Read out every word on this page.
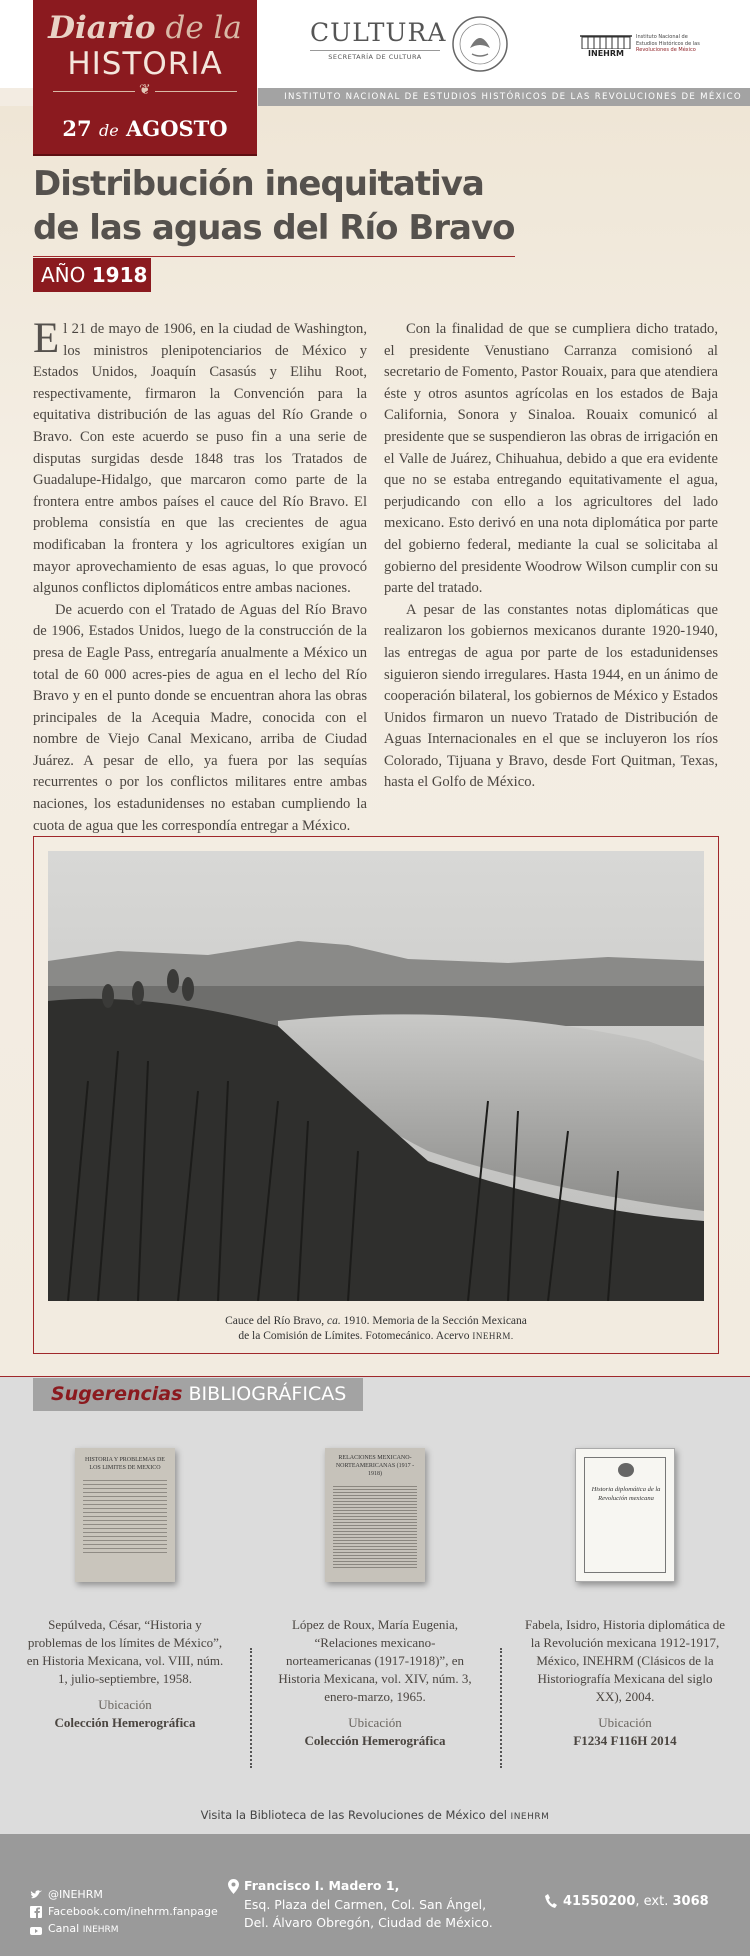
INSTITUTO NACIONAL DE ESTUDIOS HISTÓRICOS DE LAS REVOLUCIONES DE MÉXICO
Diario de la
HISTORIA
❦
27 de AGOSTO
CULTURA
SECRETARÍA DE CULTURA	INEHRM
Instituto Nacional de
Estudios Históricos de las
Revoluciones de México
Distribución inequitativa
de las aguas del Río Bravo
AÑO 1918

El 21 de mayo de 1906, en la ciudad de Washington, los ministros plenipotenciarios de México y Estados Unidos, Joaquín Casasús y Elihu Root, respectivamente, firmaron la Convención para la equitativa distribución de las aguas del Río Grande o Bravo. Con este acuerdo se puso fin a una serie de disputas surgidas desde 1848 tras los Tratados de Guadalupe-Hidalgo, que marcaron como parte de la frontera entre ambos países el cauce del Río Bravo. El problema consistía en que las crecientes de agua modificaban la frontera y los agricultores exigían un mayor aprovechamiento de esas aguas, lo que provocó algunos conflictos diplomáticos entre ambas naciones.

De acuerdo con el Tratado de Aguas del Río Bravo de 1906, Estados Unidos, luego de la construcción de la presa de Eagle Pass, entregaría anualmente a México un total de 60 000 acres-pies de agua en el lecho del Río Bravo y en el punto donde se encuentran ahora las obras principales de la Acequia Madre, conocida con el nombre de Viejo Canal Mexicano, arriba de Ciudad Juárez. A pesar de ello, ya fuera por las sequías recurrentes o por los conflictos militares entre ambas naciones, los estadunidenses no estaban cumpliendo la cuota de agua que les correspondía entregar a México.

Con la finalidad de que se cumpliera dicho tratado, el presidente Venustiano Carranza comisionó al secretario de Fomento, Pastor Rouaix, para que atendiera éste y otros asuntos agrícolas en los estados de Baja California, Sonora y Sinaloa. Rouaix comunicó al presidente que se suspendieron las obras de irrigación en el Valle de Juárez, Chihuahua, debido a que era evidente que no se estaba entregando equitativamente el agua, perjudicando con ello a los agricultores del lado mexicano. Esto derivó en una nota diplomática por parte del gobierno federal, mediante la cual se solicitaba al gobierno del presidente Woodrow Wilson cumplir con su parte del tratado.

A pesar de las constantes notas diplomáticas que realizaron los gobiernos mexicanos durante 1920-1940, las entregas de agua por parte de los estadunidenses siguieron siendo irregulares. Hasta 1944, en un ánimo de cooperación bilateral, los gobiernos de México y Estados Unidos firmaron un nuevo Tratado de Distribución de Aguas Internacionales en el que se incluyeron los ríos Colorado, Tijuana y Bravo, desde Fort Quitman, Texas, hasta el Golfo de México.

Cauce del Río Bravo, ca. 1910. Memoria de la Sección Mexicana
de la Comisión de Límites. Fotomecánico. Acervo INEHRM.
Sugerencias BIBLIOGRÁFICAS
HISTORIA Y PROBLEMAS DE LOS LIMITES DE MEXICO
Sepúlveda, César, “Historia y problemas de los límites de México”, en Historia Mexicana, vol. VIII, núm. 1, julio-septiembre, 1958.
Ubicación
Colección Hemerográfica
RELACIONES MEXICANO-NORTEAMERICANAS (1917 - 1918)
López de Roux, María Eugenia, “Relaciones mexicano-norteamericanas (1917-1918)”, en Historia Mexicana, vol. XIV, núm. 3, enero-marzo, 1965.
Ubicación
Colección Hemerográfica
Historia diplomática de la Revolución mexicana
Fabela, Isidro, Historia diplomática de la Revolución mexicana 1912-1917, México, INEHRM (Clásicos de la Historiografía Mexicana del siglo XX), 2004.
Ubicación
F1234 F116H 2014
Visita la Biblioteca de las Revoluciones de México del INEHRM
@INEHRM
Facebook.com/inehrm.fanpage
Canal INEHRM
Francisco I. Madero 1,
Esq. Plaza del Carmen, Col. San Ángel,
Del. Álvaro Obregón, Ciudad de México.
41550200, ext. 3068
